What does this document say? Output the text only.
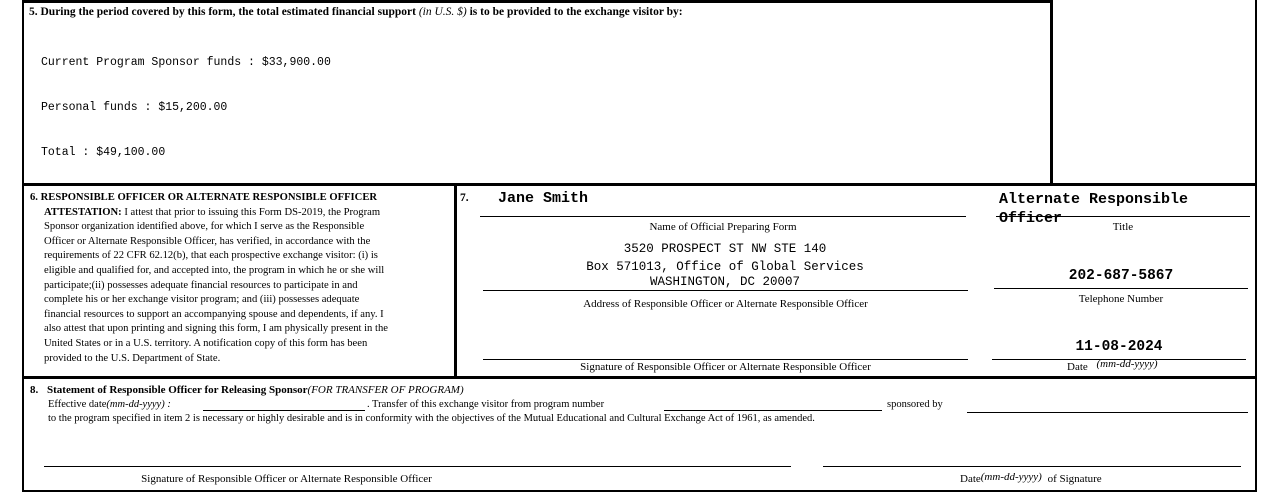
5. During the period covered by this form, the total estimated financial support (in U.S. $) is to be provided to the exchange visitor by:

Current Program Sponsor funds : $33,900.00

Personal funds : $15,200.00

Total : $49,100.00

6. RESPONSIBLE OFFICER OR ALTERNATE RESPONSIBLE OFFICER
ATTESTATION: I attest that prior to issuing this Form DS-2019, the Program
Sponsor organization identified above, for which I serve as the Responsible
Officer or Alternate Responsible Officer, has verified, in accordance with the
requirements of 22 CFR 62.12(b), that each prospective exchange visitor: (i) is
eligible and qualified for, and accepted into, the program in which he or she will
participate;(ii) possesses adequate financial resources to participate in and
complete his or her exchange visitor program; and (iii) possesses adequate
financial resources to support an accompanying spouse and dependents, if any. I
also attest that upon printing and signing this form, I am physically present in the
United States or in a U.S. territory. A notification copy of this form has been
provided to the U.S. Department of State.
7. Jane Smith
Name of Official Preparing Form
Alternate Responsible Officer	Title
3520 PROSPECT ST NW STE 140
Box 571013, Office of Global Services
WASHINGTON, DC 20007
Address of Responsible Officer or Alternate Responsible Officer
202-687-5867
Telephone Number
Signature of Responsible Officer or Alternate Responsible Officer
11-08-2024
Date (mm-dd-yyyy)
8. Statement of Responsible Officer for Releasing Sponsor(FOR TRANSFER OF PROGRAM)
Effective date(mm-dd-yyyy) :	. Transfer of this exchange visitor from program number	sponsored by
to the program specified in item 2 is necessary or highly desirable and is in conformity with the objectives of the Mutual Educational and Cultural Exchange Act of 1961, as amended.
Signature of Responsible Officer or Alternate Responsible Officer	Date(mm-dd-yyyy) of Signature
